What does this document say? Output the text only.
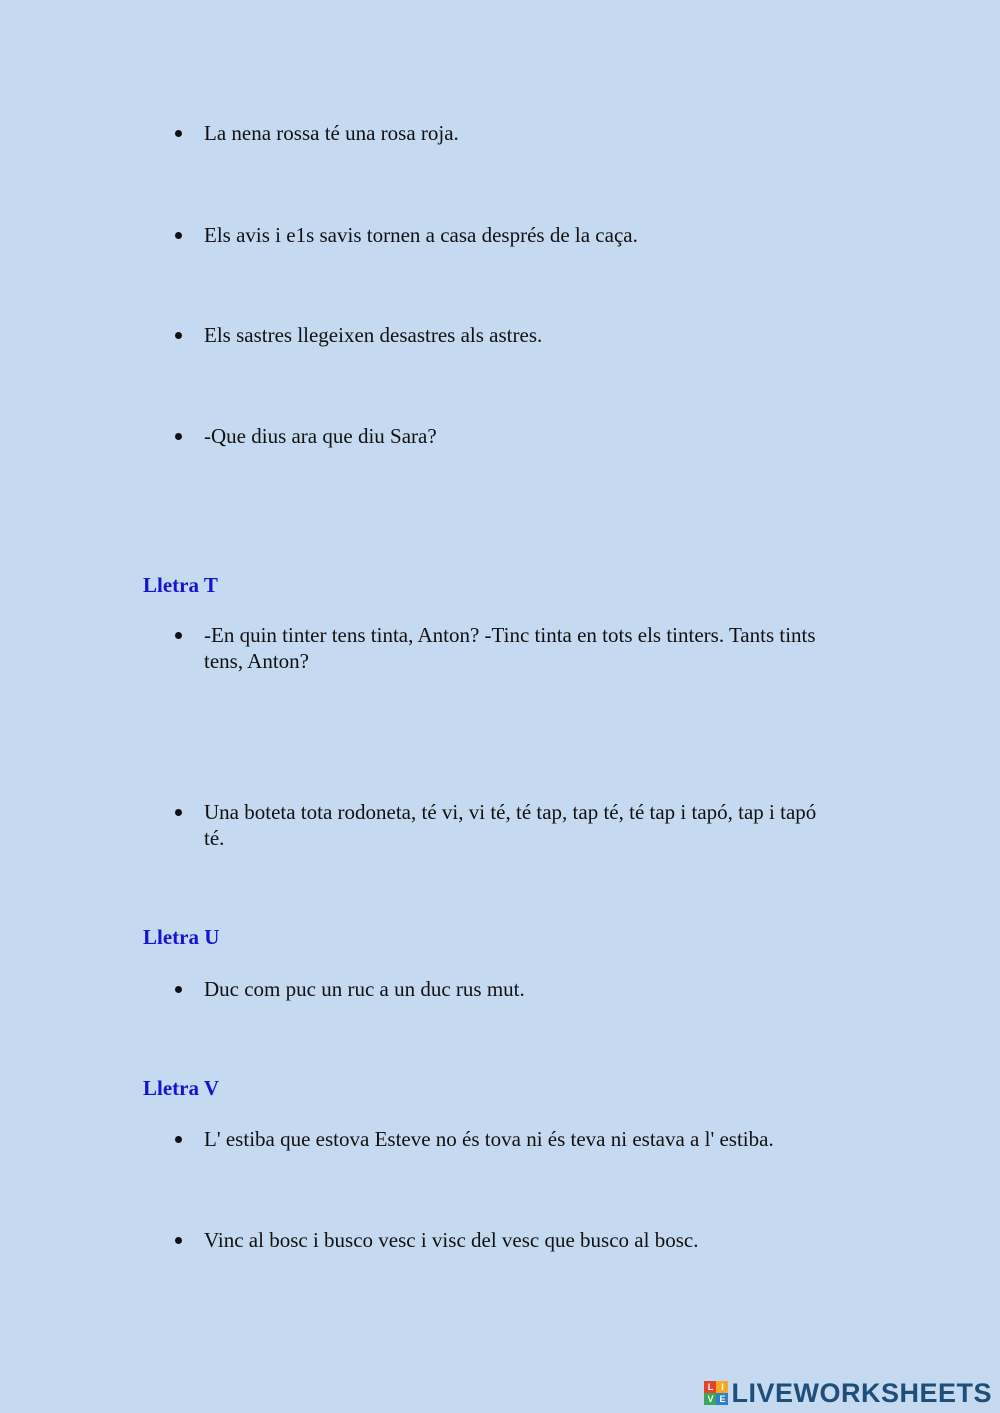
La nena rossa té una rosa roja.
Els avis i e1s savis tornen a casa després de la caça.
Els sastres llegeixen desastres als astres.
-Que dius ara que diu Sara?
Lletra T
-En quin tinter tens tinta, Anton? -Tinc tinta en tots els tinters. Tants tints tens, Anton?
Una boteta tota rodoneta, té vi, vi té, té tap, tap té, té tap i tapó, tap i tapó té.
Lletra U
Duc com puc un ruc a un duc rus mut.
Lletra V
L' estiba que estova Esteve no és tova ni és teva ni estava a l' estiba.
Vinc al bosc i busco vesc i visc del vesc que busco al bosc.
L I
V E LIVEWORKSHEETS
